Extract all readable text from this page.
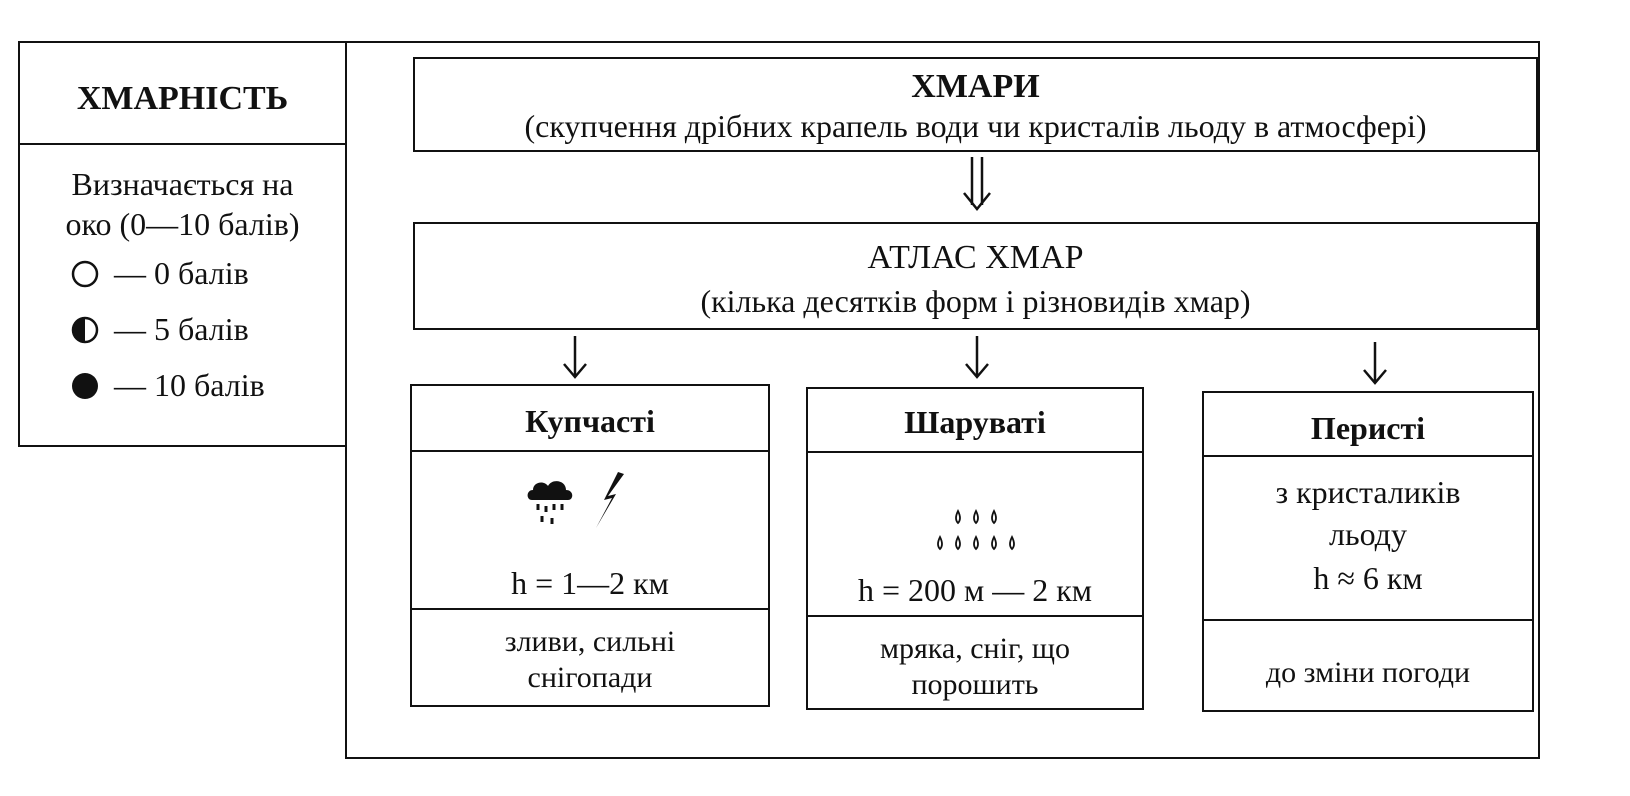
ХМАРНІСТЬ
Визначається на
око (0—10 балів)
— 0 балів
— 5 балів
— 10 балів
ХМАРИ
(скупчення дрібних крапель води чи кристалів льоду в атмосфері)
АТЛАС ХМАР
(кілька десятків форм і різновидів хмар)
Купчасті
h = 1—2 км
зливи, сильні
снігопади
Шаруваті
h = 200 м — 2 км
мряка, сніг, що
порошить
Перисті
з кристаликів
льоду
h ≈ 6 км
до зміни погоди
